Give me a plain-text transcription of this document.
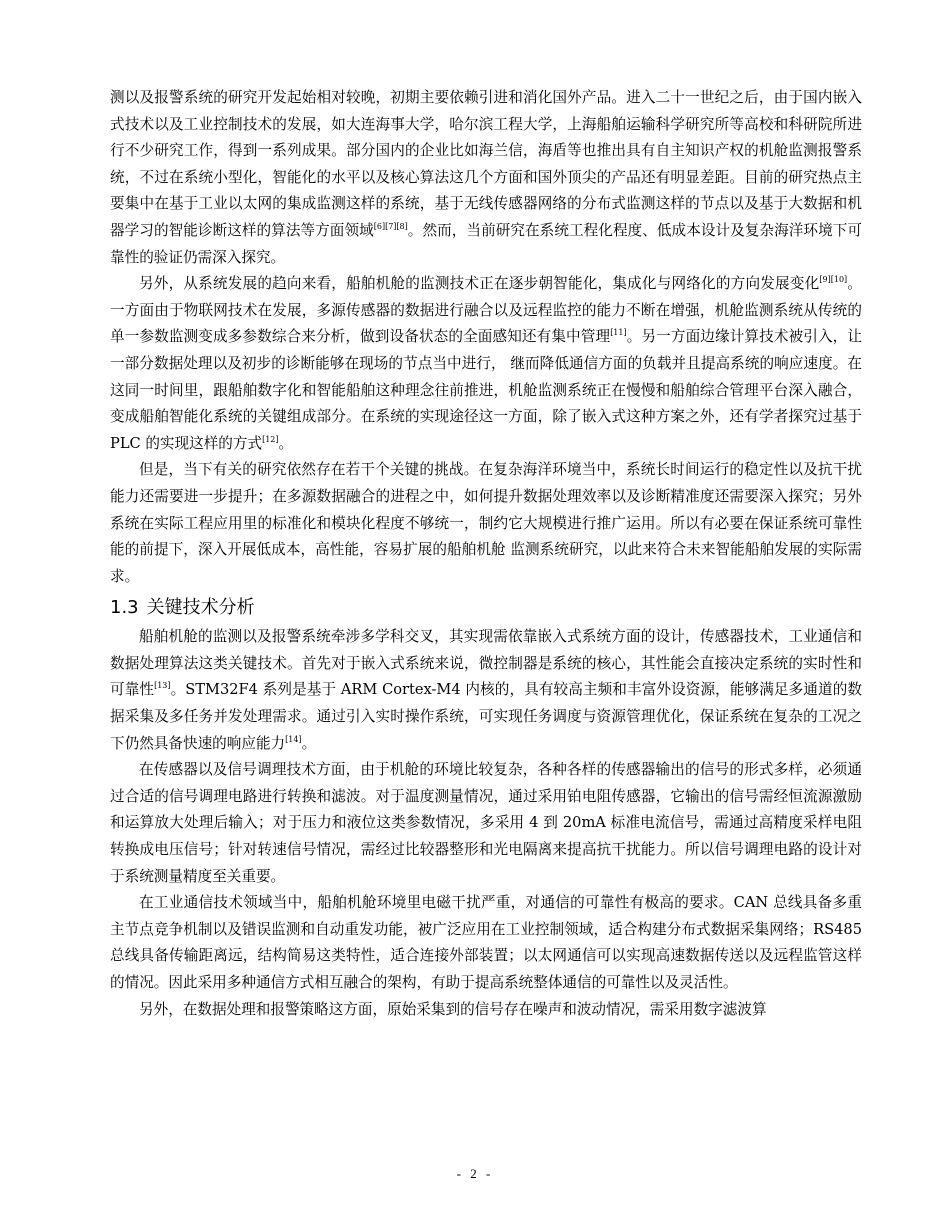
测以及报警系统的研究开发起始相对较晚，初期主要依赖引进和消化国外产品。进入二十一世纪之后，由于国内嵌入式技术以及工业控制技术的发展，如大连海事大学，哈尔滨工程大学，上海船舶运输科学研究所等高校和科研院所进行不少研究工作，得到一系列成果。部分国内的企业比如海兰信，海盾等也推出具有自主知识产权的机舱监测报警系统，不过在系统小型化，智能化的水平以及核心算法这几个方面和国外顶尖的产品还有明显差距。目前的研究热点主要集中在基于工业以太网的集成监测这样的系统，基于无线传感器网络的分布式监测这样的节点以及基于大数据和机器学习的智能诊断这样的算法等方面领域[6][7][8]。然而，当前研究在系统工程化程度、低成本设计及复杂海洋环境下可靠性的验证仍需深入探究。

另外，从系统发展的趋向来看，船舶机舱的监测技术正在逐步朝智能化，集成化与网络化的方向发展变化[9][10]。一方面由于物联网技术在发展，多源传感器的数据进行融合以及远程监控的能力不断在增强，机舱监测系统从传统的单一参数监测变成多参数综合来分析，做到设备状态的全面感知还有集中管理[11]。另一方面边缘计算技术被引入，让一部分数据处理以及初步的诊断能够在现场的节点当中进行， 继而降低通信方面的负载并且提高系统的响应速度。在这同一时间里，跟船舶数字化和智能船舶这种理念往前推进，机舱监测系统正在慢慢和船舶综合管理平台深入融合，变成船舶智能化系统的关键组成部分。在系统的实现途径这一方面，除了嵌入式这种方案之外，还有学者探究过基于 PLC 的实现这样的方式[12]。

但是，当下有关的研究依然存在若干个关键的挑战。在复杂海洋环境当中，系统长时间运行的稳定性以及抗干扰能力还需要进一步提升；在多源数据融合的进程之中，如何提升数据处理效率以及诊断精准度还需要深入探究；另外系统在实际工程应用里的标准化和模块化程度不够统一，制约它大规模进行推广运用。所以有必要在保证系统可靠性能的前提下，深入开展低成本，高性能，容易扩展的船舶机舱 监测系统研究，以此来符合未来智能船舶发展的实际需求。

1.3 关键技术分析

船舶机舱的监测以及报警系统牵涉多学科交叉，其实现需依靠嵌入式系统方面的设计，传感器技术，工业通信和数据处理算法这类关键技术。首先对于嵌入式系统来说，微控制器是系统的核心，其性能会直接决定系统的实时性和可靠性[13]。STM32F4 系列是基于 ARM Cortex-M4 内核的，具有较高主频和丰富外设资源，能够满足多通道的数据采集及多任务并发处理需求。通过引入实时操作系统，可实现任务调度与资源管理优化，保证系统在复杂的工况之下仍然具备快速的响应能力[14]。

在传感器以及信号调理技术方面，由于机舱的环境比较复杂，各种各样的传感器输出的信号的形式多样，必须通过合适的信号调理电路进行转换和滤波。对于温度测量情况，通过采用铂电阻传感器，它输出的信号需经恒流源激励和运算放大处理后输入；对于压力和液位这类参数情况，多采用 4 到 20mA 标准电流信号，需通过高精度采样电阻转换成电压信号；针对转速信号情况，需经过比较器整形和光电隔离来提高抗干扰能力。所以信号调理电路的设计对于系统测量精度至关重要。

在工业通信技术领域当中，船舶机舱环境里电磁干扰严重，对通信的可靠性有极高的要求。CAN 总线具备多重主节点竞争机制以及错误监测和自动重发功能，被广泛应用在工业控制领域，适合构建分布式数据采集网络；RS485 总线具备传输距离远，结构简易这类特性，适合连接外部装置；以太网通信可以实现高速数据传送以及远程监管这样的情况。因此采用多种通信方式相互融合的架构，有助于提高系统整体通信的可靠性以及灵活性。

另外，在数据处理和报警策略这方面，原始采集到的信号存在噪声和波动情况，需采用数字滤波算

- 2 -
